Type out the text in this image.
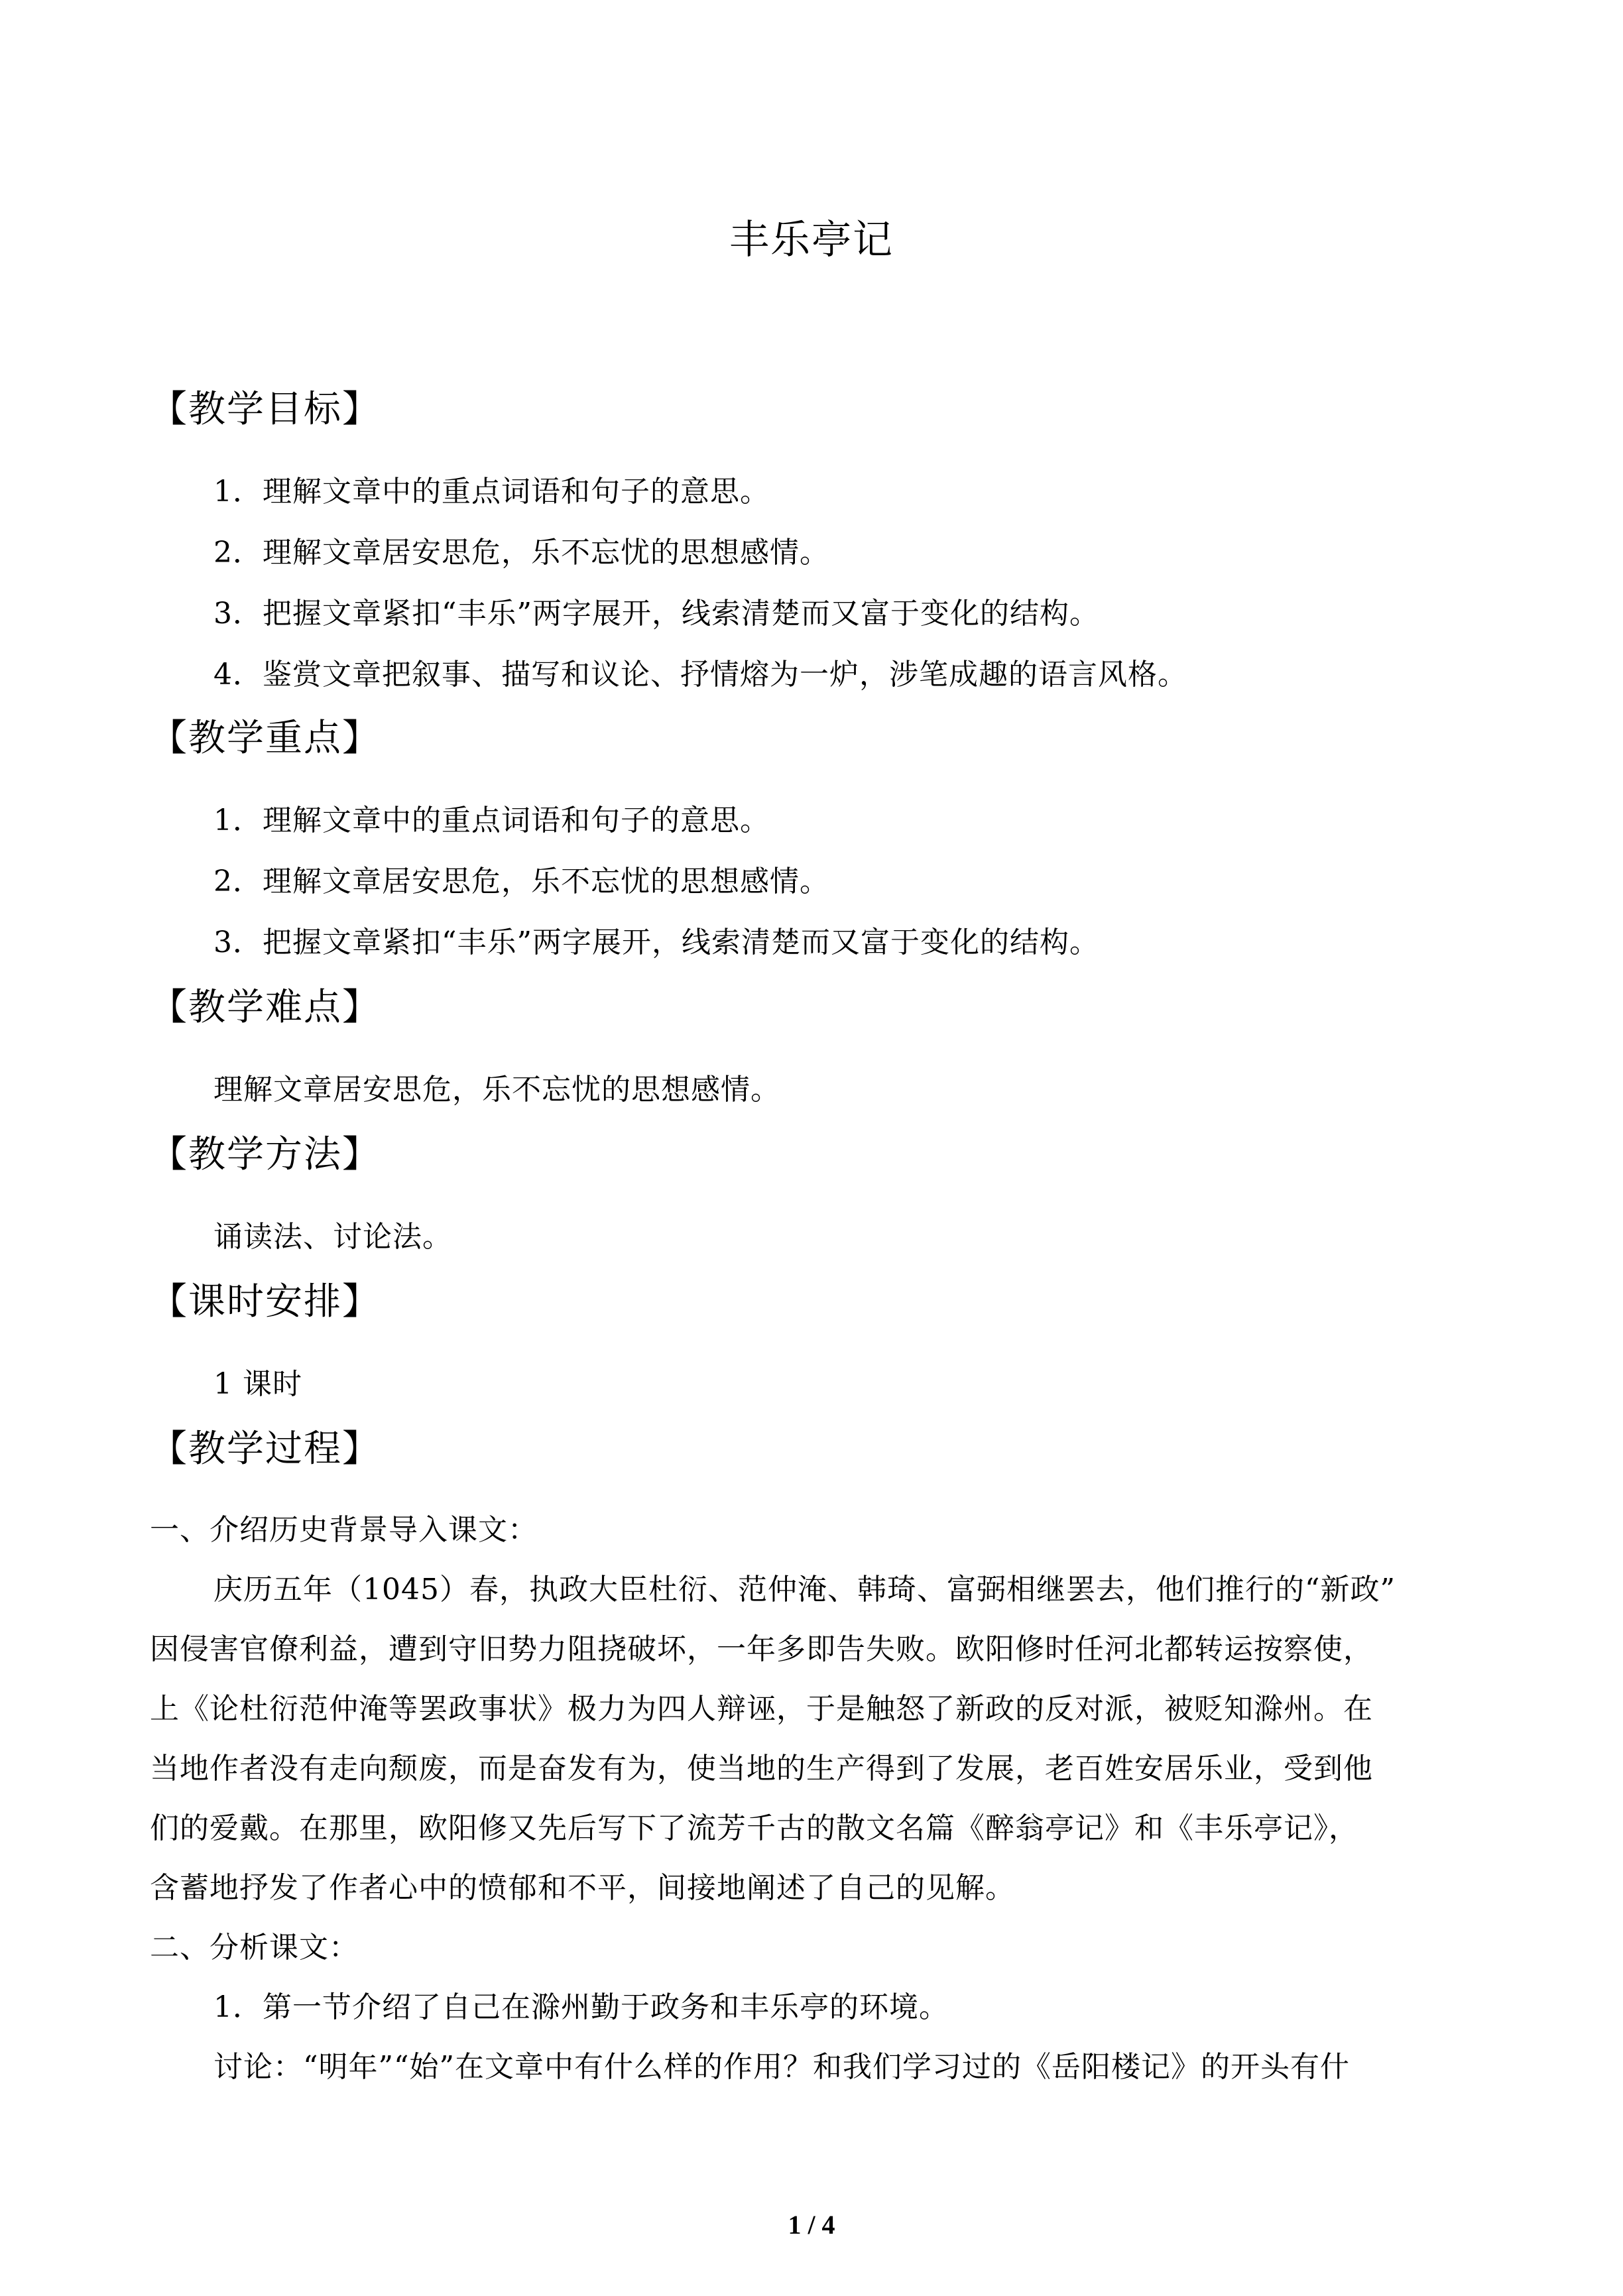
丰乐亭记
【教学目标】
1．理解文章中的重点词语和句子的意思。
2．理解文章居安思危，乐不忘忧的思想感情。
3．把握文章紧扣“丰乐”两字展开，线索清楚而又富于变化的结构。
4．鉴赏文章把叙事、描写和议论、抒情熔为一炉，涉笔成趣的语言风格。
【教学重点】
1．理解文章中的重点词语和句子的意思。
2．理解文章居安思危，乐不忘忧的思想感情。
3．把握文章紧扣“丰乐”两字展开，线索清楚而又富于变化的结构。
【教学难点】
理解文章居安思危，乐不忘忧的思想感情。
【教学方法】
诵读法、讨论法。
【课时安排】
1 课时
【教学过程】
一、介绍历史背景导入课文：
庆历五年（1045）春，执政大臣杜衍、范仲淹、韩琦、富弼相继罢去，他们推行的“新政”
因侵害官僚利益，遭到守旧势力阻挠破坏，一年多即告失败。欧阳修时任河北都转运按察使，
上《论杜衍范仲淹等罢政事状》极力为四人辩诬，于是触怒了新政的反对派，被贬知滁州。在
当地作者没有走向颓废，而是奋发有为，使当地的生产得到了发展，老百姓安居乐业，受到他
们的爱戴。在那里，欧阳修又先后写下了流芳千古的散文名篇《醉翁亭记》和《丰乐亭记》，
含蓄地抒发了作者心中的愤郁和不平，间接地阐述了自己的见解。
二、分析课文：
1．第一节介绍了自己在滁州勤于政务和丰乐亭的环境。
讨论：“明年”“始”在文章中有什么样的作用？和我们学习过的《岳阳楼记》的开头有什
1 / 4
